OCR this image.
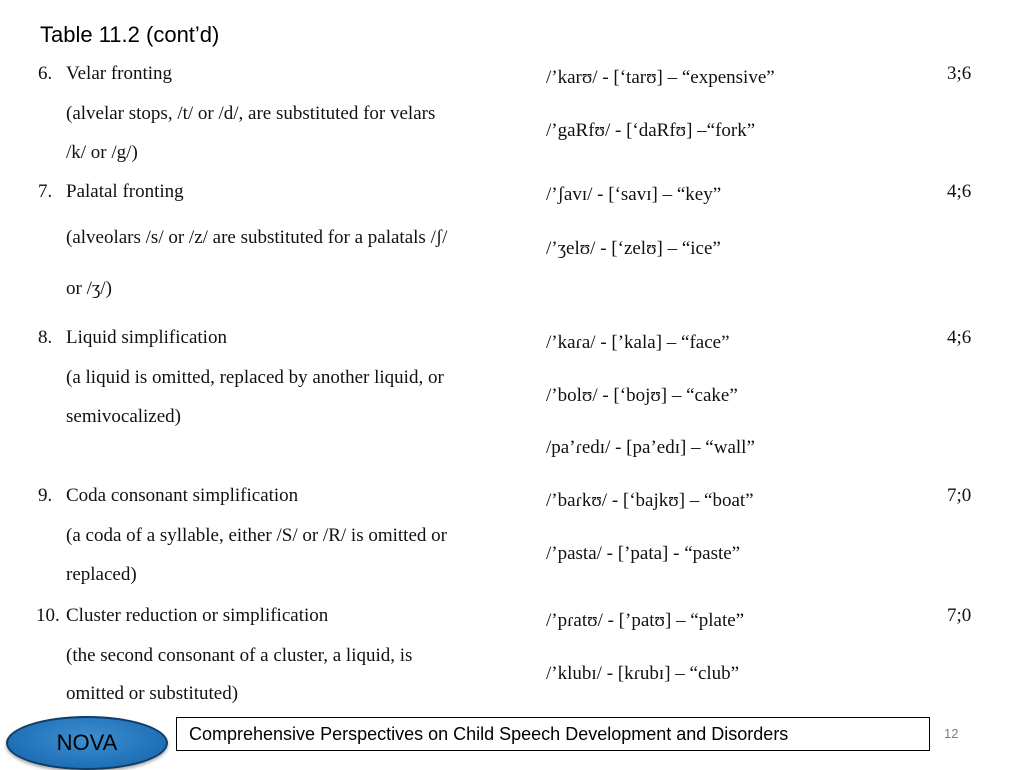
Table 11.2 (cont’d)
6. Velar fronting
(alvelar stops, /t/ or /d/, are substituted for velars
/k/ or /g/)
/’karʊ/ - [‘tarʊ] – “expensive”
/’gaRfʊ/ - [‘daRfʊ] –“fork”
3;6
7. Palatal fronting
(alveolars /s/ or /z/ are substituted for a palatals /ʃ/
or /ʒ/)
/’ʃavɪ/ - [‘savɪ] – “key”
/’ʒelʊ/ - [‘zelʊ] – “ice”
4;6
8. Liquid simplification
(a liquid is omitted, replaced by another liquid, or
semivocalized)
/’kaɾa/ - [’kala] – “face”
/’bolʊ/ - [‘bojʊ] – “cake”
/pa’ɾedɪ/ - [pa’edɪ] – “wall”
4;6
9. Coda consonant simplification
(a coda of a syllable, either /S/ or /R/ is omitted or
replaced)
/’baɾkʊ/ - [‘bajkʊ] – “boat”
/’pasta/ - [’pata] - “paste”
7;0
10. Cluster reduction or simplification
(the second consonant of a cluster, a liquid, is
omitted or substituted)
/’pɾatʊ/ - [’patʊ] – “plate”
/’klubɪ/ - [kɾubɪ] – “club”
7;0
NOVA	Comprehensive Perspectives on Child Speech Development and Disorders	12
